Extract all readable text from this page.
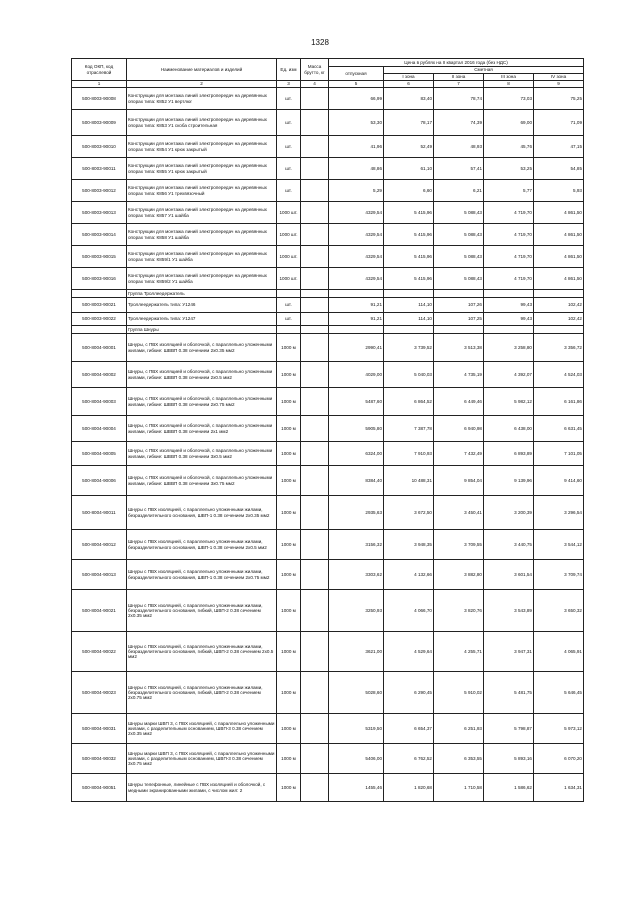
1328
Код ОКП, код отраслевой	Наименование материалов и изделий	Ед. изм	Масса брутто, кг	Цена в рублях на II квартал 2016 года (без НДС)				
				отпускная	Сметная			
					I зона	II зона	III зона	IV зона
1	2	3	4	5	6	7	8	9
500-8003-90008	Конструкции для монтажа линий электропередач на деревянных опорах типа: К852 У1 вертлюг	шт.		66,99	83,40	78,74	73,03	75,25
500-8003-90009	Конструкции для монтажа линий электропередач на деревянных опорах типа: К853 У1 скоба строительная	шт.		53,30	78,17	74,39	69,00	71,09
500-8003-90010	Конструкции для монтажа линий электропередач на деревянных опорах типа: К854 У1 крюк закрытый	шт.		41,96	52,49	48,93	45,76	47,15
500-8003-90011	Конструкции для монтажа линий электропередач на деревянных опорах типа: К855 У1 крюк закрытый	шт.		48,86	61,10	57,41	53,25	54,85
500-8003-90012	Конструкции для монтажа линий электропередач на деревянных опорах типа: К856 У1 трехвязочный	шт.		5,29	6,60	6,21	5,77	5,93
500-8003-90013	Конструкции для монтажа линий электропередач на деревянных опорах типа: К857 У1 шайба	1000 шт.		4329,54	5 415,96	5 088,43	4 719,70	4 861,50
500-8003-90014	Конструкции для монтажа линий электропередач на деревянных опорах типа: К858 У1 шайба	1000 шт.		4329,54	5 415,96	5 088,43	4 719,70	4 861,50
500-8003-90015	Конструкции для монтажа линий электропередач на деревянных опорах типа: К859/1 У1 шайба	1000 шт.		4329,54	5 415,96	5 088,43	4 719,70	4 861,50
500-8003-90016	Конструкции для монтажа линий электропередач на деревянных опорах типа: К859/2 У1 шайба	1000 шт.		4329,54	5 415,96	5 088,43	4 719,70	4 861,50
	Группа Троллеедержатель							
500-8003-90021	Троллеедержатель типа: У1246	шт.		91,21	114,10	107,26	99,43	102,42
500-8003-90022	Троллеедержатель типа: У1247	шт.		91,21	114,10	107,25	99,43	102,42
	Группа Шнуры							
500-8004-90001	Шнуры, с ПВХ изоляцией и оболочкой, с параллельно уложенными жилами, гибкие: ШВВП 0.38 сечением 2х0.35 мм2	1000 м		2990,41	3 739,52	3 513,38	3 258,80	3 356,72
500-8004-90002	Шнуры, с ПВХ изоляцией и оболочкой, с параллельно уложенными жилами, гибкие: ШВВП 0.38 сечением 2х0.5 мм2	1000 м		4029,00	5 040,03	4 735,19	4 392,07	4 524,03
500-8004-90003	Шнуры, с ПВХ изоляцией и оболочкой, с параллельно уложенными жилами, гибкие: ШВВП 0.38 сечением 2х0.75 мм2	1000 м		5487,60	6 864,52	6 449,46	5 982,12	6 161,86
500-8004-90004	Шнуры, с ПВХ изоляцией и оболочкой, с параллельно уложенными жилами, гибкие: ШВВП 0.38 сечением 2х1 мм2	1000 м		5905,80	7 387,78	6 940,98	6 438,00	6 631,45
500-8004-90005	Шнуры, с ПВХ изоляцией и оболочкой, с параллельно уложенными жилами, гибкие: ШВВП 0.38 сечением 3х0.5 мм2	1000 м		6324,00	7 910,93	7 432,49	6 893,89	7 101,05
500-8004-90006	Шнуры, с ПВХ изоляцией и оболочкой, с параллельно уложенными жилами, гибкие: ШВВП 0.38 сечением 3х0.75 мм2	1000 м		8384,40	10 488,31	9 854,04	9 139,96	9 414,60
500-8004-90011	Шнуры с ПВХ изоляцией, с параллельно уложенными жилами, безразделительного основания, ШВП-1 0.38 сечением 2х0.35 мм2	1000 м		2935,63	3 672,50	3 450,41	3 200,39	3 296,54
500-8004-90012	Шнуры с ПВХ изоляцией, с параллельно уложенными жилами, безразделительного основания, ШВП-1 0.38 сечением 2х0.5 мм2	1000 м		3156,32	3 948,35	3 709,55	3 440,75	3 544,12
500-8004-90013	Шнуры с ПВХ изоляцией, с параллельно уложенными жилами, безразделительного основания, ШВП-1 0.38 сечением 2х0.75 мм2	1000 м		3303,62	4 132,66	3 882,80	3 601,54	3 709,74
500-8004-90021	Шнуры с ПВХ изоляцией, с параллельно уложенными жилами, безразделительного основания, гибкий, ШВП-2 0.38 сечением 2х0.35 мм2	1000 м		3250,93	4 066,70	3 820,76	3 543,89	3 650,32
500-8004-90022	Шнуры с ПВХ изоляцией, с параллельно уложенными жилами, безразделительного основания, гибкий, ШВП-2 0.38 сечением 2х0.5 мм2	1000 м		3621,00	4 529,64	4 255,71	3 947,31	4 065,91
500-8004-90023	Шнуры с ПВХ изоляцией, с параллельно уложенными жилами, безразделительного основания, гибкий, ШВП-2 0.38 сечением 2х0.75 мм2	1000 м		5028,60	6 290,45	5 910,02	5 481,75	5 646,45
500-8004-90031	Шнуры марки ШВП 3, с ПВХ изоляцией, с параллельно уложенными жилами, с разделительным основанием, ШВП-3 0.38 сечением 2х0.35 мм2	1000 м		5319,50	6 654,37	6 251,93	5 798,87	5 973,12
500-8004-90032	Шнуры марки ШВП 3, с ПВХ изоляцией, с параллельно уложенными жилами, с разделительным основанием, ШВП-3 0.38 сечением 3х0.75 мм2	1000 м		5406,00	6 762,52	6 353,55	5 893,16	6 070,20
500-8004-90051	Шнуры телефонные, линейные с ПВХ изоляцией и оболочкой, с медными экранированными жилами, с числом жил: 2	1000 м		1455,46	1 820,68	1 710,58	1 586,62	1 634,31
